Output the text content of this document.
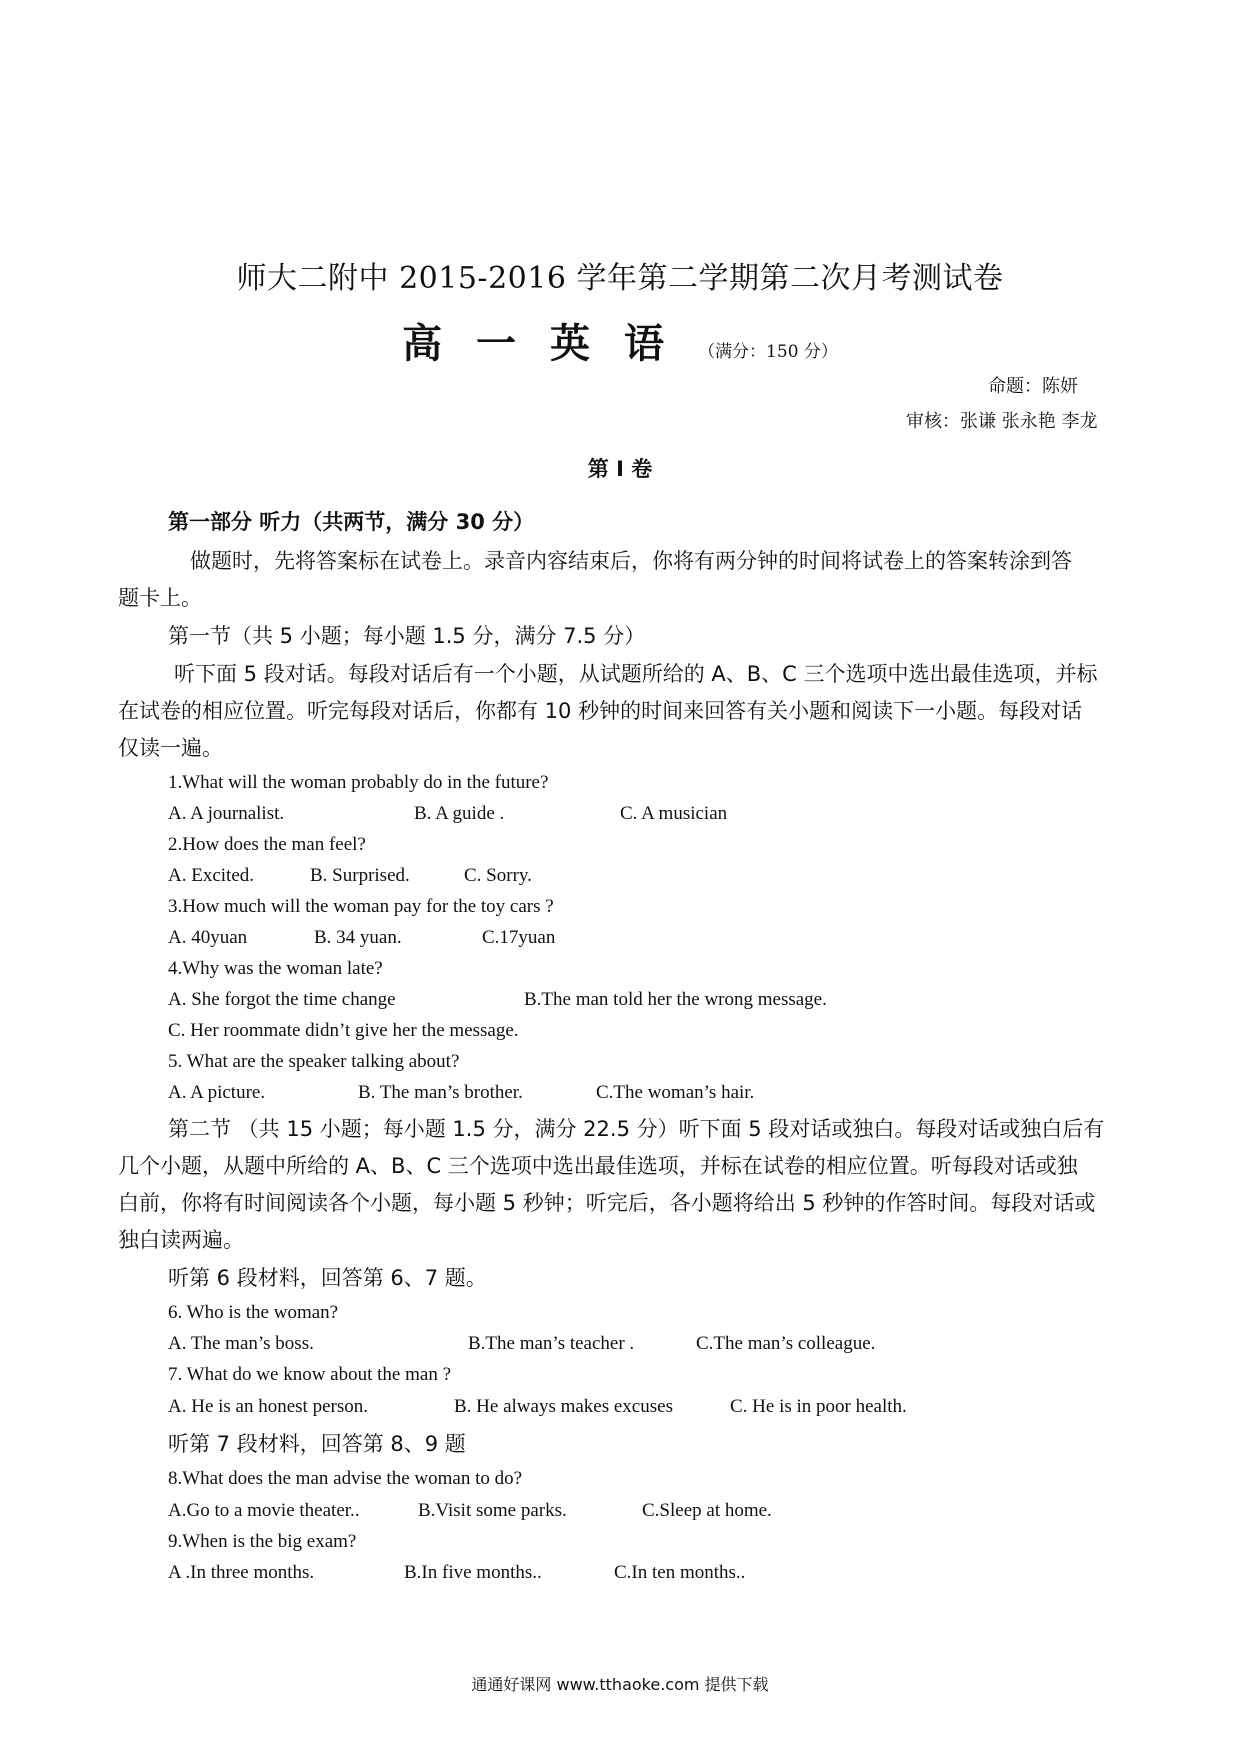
师大二附中 2015-2016 学年第二学期第二次月考测试卷
高一英语（满分：150 分）
命题：陈妍
审核：张谦 张永艳 李龙
第 I 卷
第一部分 听力（共两节，满分 30 分）
做题时，先将答案标在试卷上。录音内容结束后，你将有两分钟的时间将试卷上的答案转涂到答
题卡上。
第一节（共 5 小题；每小题 1.5 分，满分 7.5 分）
听下面 5 段对话。每段对话后有一个小题，从试题所给的 A、B、C 三个选项中选出最佳选项，并标
在试卷的相应位置。听完每段对话后，你都有 10 秒钟的时间来回答有关小题和阅读下一小题。每段对话
仅读一遍。
1.What will the woman probably do in the future?
A. A journalist.	B. A guide .	C. A musician
2.How does the man feel?
A. Excited.	B. Surprised.	C. Sorry.
3.How much will the woman pay for the toy cars ?
A. 40yuan	B. 34 yuan.	C.17yuan
4.Why was the woman late?
A. She forgot the time change	B.The man told her the wrong message.
C. Her roommate didn’t give her the message.
5. What are the speaker talking about?
A. A picture.	B. The man’s brother.	C.The woman’s hair.
第二节 （共 15 小题；每小题 1.5 分，满分 22.5 分）听下面 5 段对话或独白。每段对话或独白后有
几个小题，从题中所给的 A、B、C 三个选项中选出最佳选项，并标在试卷的相应位置。听每段对话或独
白前，你将有时间阅读各个小题，每小题 5 秒钟；听完后，各小题将给出 5 秒钟的作答时间。每段对话或
独白读两遍。
听第 6 段材料，回答第 6、7 题。
6. Who is the woman?
A. The man’s boss.	B.The man’s teacher .	C.The man’s colleague.
7. What do we know about the man ?
A. He is an honest person.	B. He always makes excuses	C. He is in poor health.
听第 7 段材料，回答第 8、9 题
8.What does the man advise the woman to do?
A.Go to a movie theater..	B.Visit some parks.	C.Sleep at home.
9.When is the big exam?
A .In three months.	B.In five months..	C.In ten months..
通通好课网 www.tthaoke.com 提供下载
